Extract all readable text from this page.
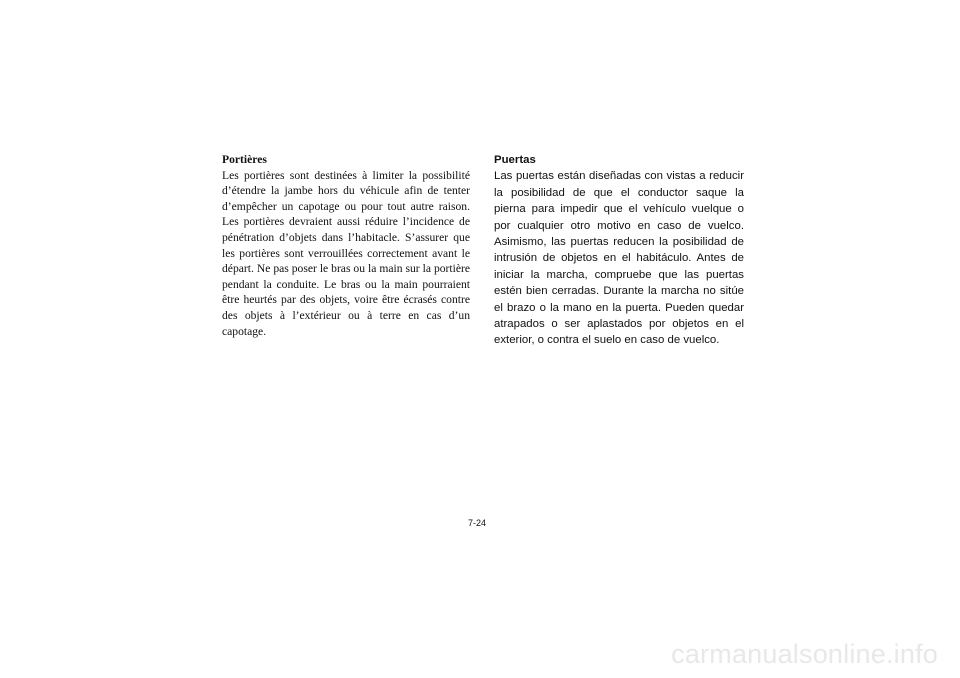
Portières

Les portières sont destinées à limiter la possibilité d’étendre la jambe hors du véhicule afin de tenter d’empêcher un capotage ou pour tout autre raison. Les portières devraient aussi réduire l’incidence de pénétration d’objets dans l’habitacle. S’assurer que les portières sont verrouillées correctement avant le départ. Ne pas poser le bras ou la main sur la portière pendant la conduite. Le bras ou la main pourraient être heurtés par des objets, voire être écrasés contre des objets à l’extérieur ou à terre en cas d’un capotage.

Puertas

Las puertas están diseñadas con vistas a reducir la posibilidad de que el conductor saque la pierna para impedir que el vehículo vuelque o por cualquier otro motivo en caso de vuelco. Asimismo, las puertas reducen la posibilidad de intrusión de objetos en el habitáculo. Antes de iniciar la marcha, compruebe que las puertas estén bien cerradas. Durante la marcha no sitúe el brazo o la mano en la puerta. Pueden quedar atrapados o ser aplastados por objetos en el exterior, o contra el suelo en caso de vuelco.

7-24
carmanualsonline.info
